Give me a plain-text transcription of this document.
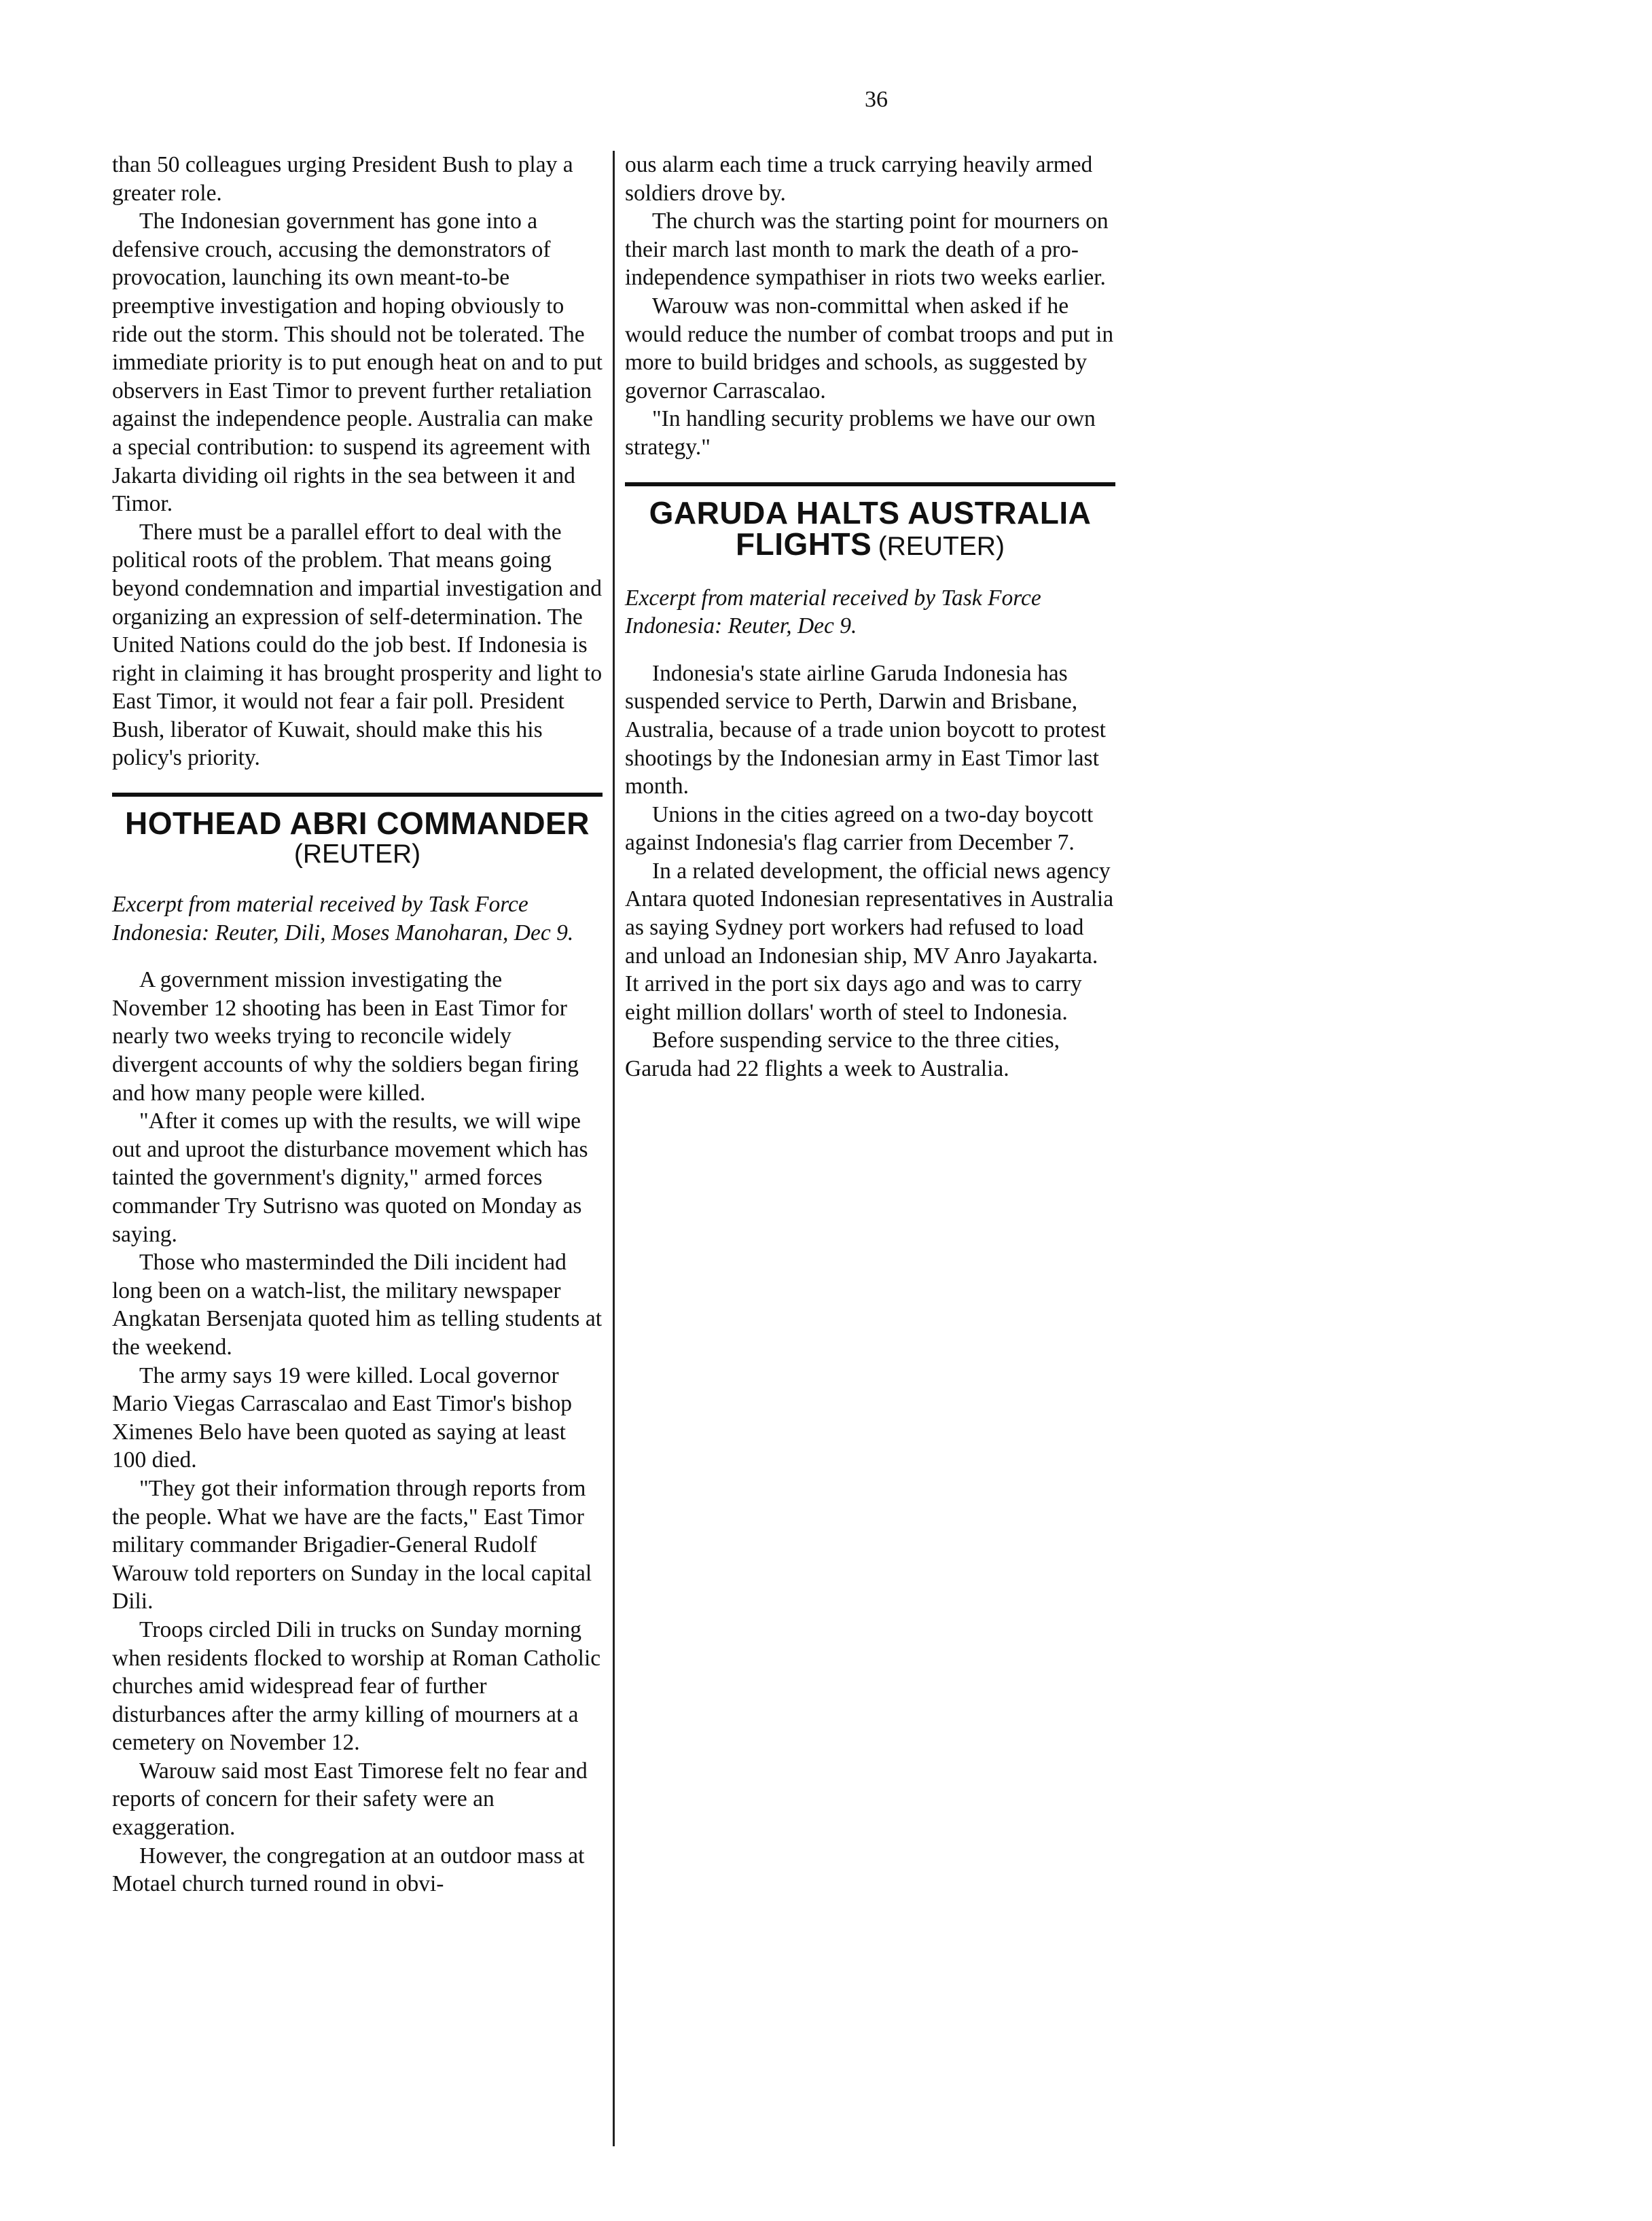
36

than 50 colleagues urging President Bush to play a greater role.

The Indonesian government has gone into a defensive crouch, accusing the demonstrators of provocation, launching its own meant-to-be preemptive investigation and hoping obviously to ride out the storm. This should not be tolerated. The immediate priority is to put enough heat on and to put observers in East Timor to prevent further retaliation against the independence people. Australia can make a special contribution: to suspend its agreement with Jakarta dividing oil rights in the sea between it and Timor.

There must be a parallel effort to deal with the political roots of the problem. That means going beyond condemnation and impartial investigation and organizing an expression of self-determination. The United Nations could do the job best. If Indonesia is right in claiming it has brought prosperity and light to East Timor, it would not fear a fair poll. President Bush, liberator of Kuwait, should make this his policy's priority.

HOTHEAD ABRI COMMANDER
(REUTER)

Excerpt from material received by Task Force Indonesia: Reuter, Dili, Moses Manoharan, Dec 9.

A government mission investigating the November 12 shooting has been in East Timor for nearly two weeks trying to reconcile widely divergent accounts of why the soldiers began firing and how many people were killed.

"After it comes up with the results, we will wipe out and uproot the disturbance movement which has tainted the government's dignity," armed forces commander Try Sutrisno was quoted on Monday as saying.

Those who masterminded the Dili incident had long been on a watch-list, the military newspaper Angkatan Bersenjata quoted him as telling students at the weekend.

The army says 19 were killed. Local governor Mario Viegas Carrascalao and East Timor's bishop Ximenes Belo have been quoted as saying at least 100 died.

"They got their information through reports from the people. What we have are the facts," East Timor military commander Brigadier-General Rudolf Warouw told reporters on Sunday in the local capital Dili.

Troops circled Dili in trucks on Sunday morning when residents flocked to worship at Roman Catholic churches amid widespread fear of further disturbances after the army killing of mourners at a cemetery on November 12.

Warouw said most East Timorese felt no fear and reports of concern for their safety were an exaggeration.

However, the congregation at an outdoor mass at Motael church turned round in obvi-

ous alarm each time a truck carrying heavily armed soldiers drove by.

The church was the starting point for mourners on their march last month to mark the death of a pro-independence sympathiser in riots two weeks earlier.

Warouw was non-committal when asked if he would reduce the number of combat troops and put in more to build bridges and schools, as suggested by governor Carrascalao.

"In handling security problems we have our own strategy."

GARUDA HALTS AUSTRALIA
FLIGHTS (REUTER)

Excerpt from material received by Task Force Indonesia: Reuter, Dec 9.

Indonesia's state airline Garuda Indonesia has suspended service to Perth, Darwin and Brisbane, Australia, because of a trade union boycott to protest shootings by the Indonesian army in East Timor last month.

Unions in the cities agreed on a two-day boycott against Indonesia's flag carrier from December 7.

In a related development, the official news agency Antara quoted Indonesian representatives in Australia as saying Sydney port workers had refused to load and unload an Indonesian ship, MV Anro Jayakarta. It arrived in the port six days ago and was to carry eight million dollars' worth of steel to Indonesia.

Before suspending service to the three cities, Garuda had 22 flights a week to Australia.
